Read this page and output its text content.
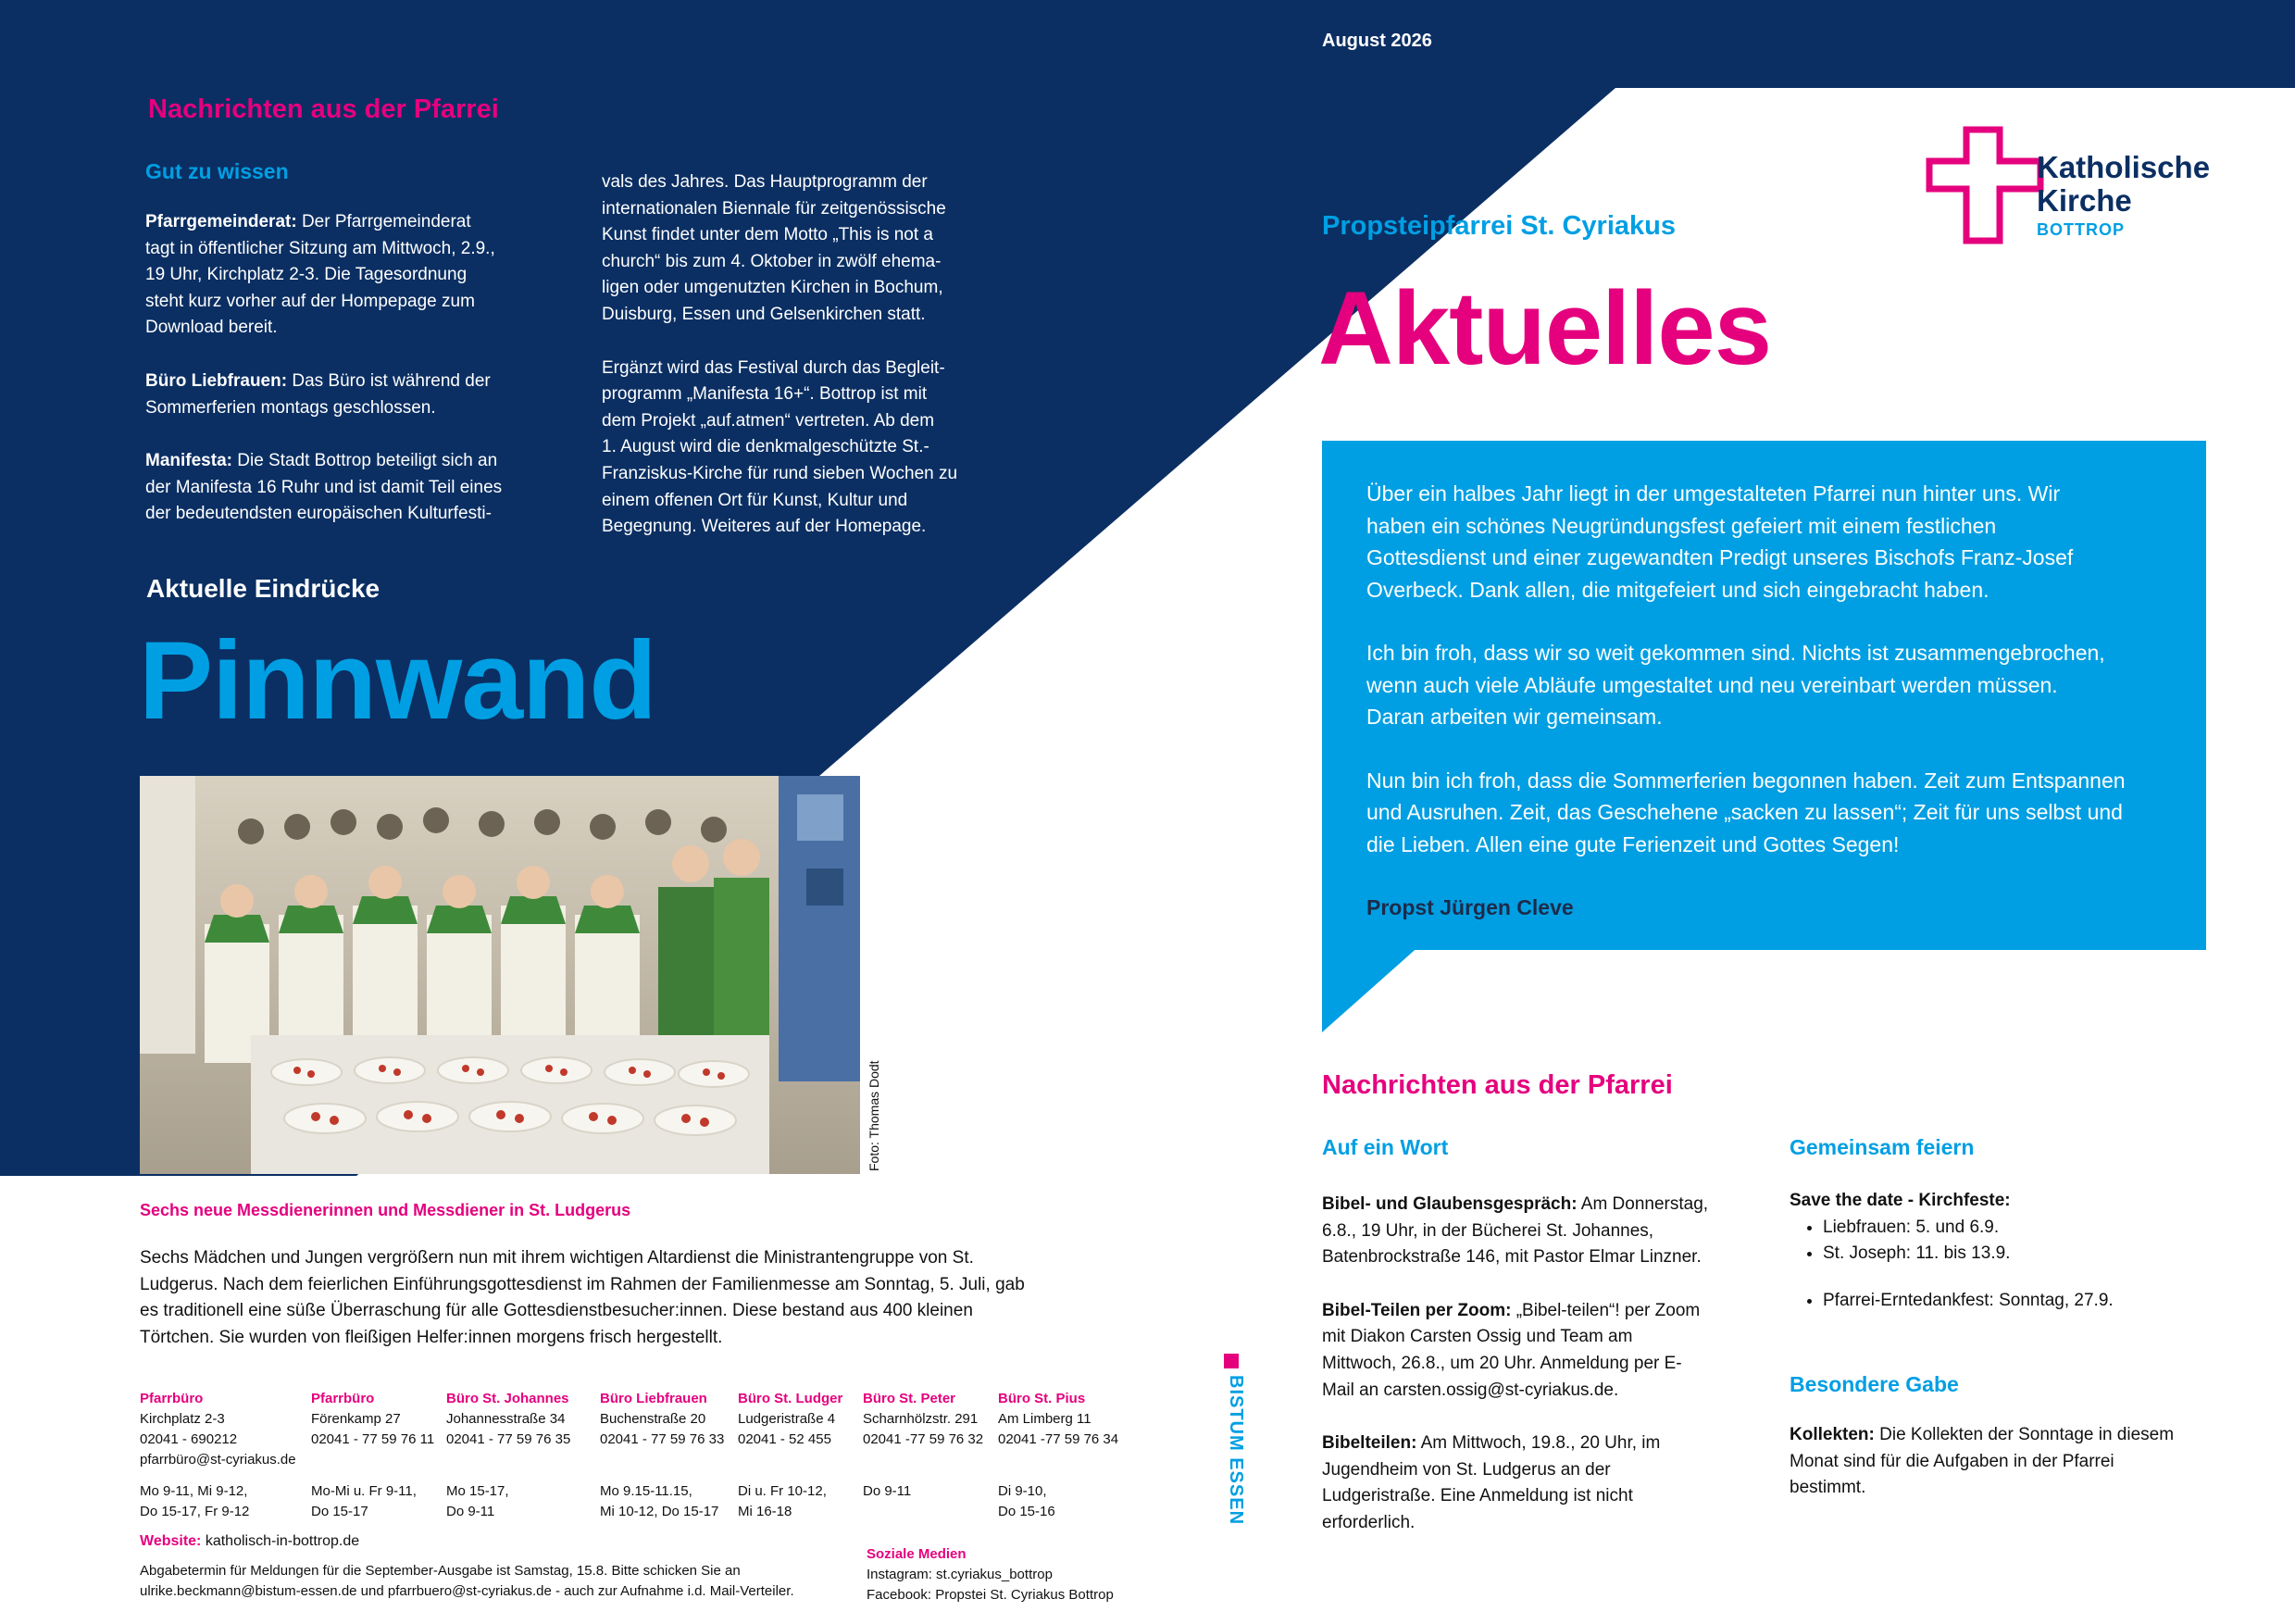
August 2026
Nachrichten aus der Pfarrei
Gut zu wissen

Pfarrgemeinderat: Der Pfarrgemeinderat
tagt in öffentlicher Sitzung am Mittwoch, 2.9.,
19 Uhr, Kirchplatz 2-3. Die Tagesordnung
steht kurz vorher auf der Hompepage zum
Download bereit.

Büro Liebfrauen: Das Büro ist während der
Sommerferien montags geschlossen.

Manifesta: Die Stadt Bottrop beteiligt sich an
der Manifesta 16 Ruhr und ist damit Teil eines
der bedeutendsten europäischen Kulturfesti-

vals des Jahres. Das Hauptprogramm der
internationalen Biennale für zeitgenössische
Kunst findet unter dem Motto „This is not a
church“ bis zum 4. Oktober in zwölf ehema-
ligen oder umgenutzten Kirchen in Bochum,
Duisburg, Essen und Gelsenkirchen statt.

Ergänzt wird das Festival durch das Begleit-
programm „Manifesta 16+“. Bottrop ist mit
dem Projekt „auf.atmen“ vertreten. Ab dem
1. August wird die denkmalgeschützte St.-
Franziskus-Kirche für rund sieben Wochen zu
einem offenen Ort für Kunst, Kultur und
Begegnung. Weiteres auf der Homepage.

Aktuelle Eindrücke
Pinnwand
Foto: Thomas Dodt
Sechs neue Messdienerinnen und Messdiener in St. Ludgerus
Sechs Mädchen und Jungen vergrößern nun mit ihrem wichtigen Altardienst die Ministrantengruppe von St.
Ludgerus. Nach dem feierlichen Einführungsgottesdienst im Rahmen der Familienmesse am Sonntag, 5. Juli, gab
es traditionell eine süße Überraschung für alle Gottesdienstbesucher:innen. Diese bestand aus 400 kleinen
Törtchen. Sie wurden von fleißigen Helfer:innen morgens frisch hergestellt.
Pfarrbüro
Kirchplatz 2-3
02041 - 690212
pfarrbüro@st-cyriakus.de
Mo 9-11, Mi 9-12,
Do 15-17, Fr 9-12
Pfarrbüro
Förenkamp 27
02041 - 77 59 76 11
Mo-Mi u. Fr 9-11,
Do 15-17
Büro St. Johannes
Johannesstraße 34
02041 - 77 59 76 35
Mo 15-17,
Do 9-11
Büro Liebfrauen
Buchenstraße 20
02041 - 77 59 76 33
Mo 9.15-11.15,
Mi 10-12, Do 15-17
Büro St. Ludger
Ludgeristraße 4
02041 - 52 455
Di u. Fr 10-12,
Mi 16-18
Büro St. Peter
Scharnhölzstr. 291
02041 -77 59 76 32
Do 9-11
Büro St. Pius
Am Limberg 11
02041 -77 59 76 34
Di 9-10,
Do 15-16
Website: katholisch-in-bottrop.de
Abgabetermin für Meldungen für die September-Ausgabe ist Samstag, 15.8. Bitte schicken Sie an
ulrike.beckmann@bistum-essen.de und pfarrbuero@st-cyriakus.de - auch zur Aufnahme i.d. Mail-Verteiler.
Soziale Medien
Instagram: st.cyriakus_bottrop
Facebook: Propstei St. Cyriakus Bottrop
BISTUM ESSEN
Katholische
Kirche
BOTTROP
Propsteipfarrei St. Cyriakus
Aktuelles

Über ein halbes Jahr liegt in der umgestalteten Pfarrei nun hinter uns. Wir
haben ein schönes Neugründungsfest gefeiert mit einem festlichen
Gottesdienst und einer zugewandten Predigt unseres Bischofs Franz-Josef
Overbeck. Dank allen, die mitgefeiert und sich eingebracht haben.

Ich bin froh, dass wir so weit gekommen sind. Nichts ist zusammengebrochen,
wenn auch viele Abläufe umgestaltet und neu vereinbart werden müssen.
Daran arbeiten wir gemeinsam.

Nun bin ich froh, dass die Sommerferien begonnen haben. Zeit zum Entspannen
und Ausruhen. Zeit, das Geschehene „sacken zu lassen“; Zeit für uns selbst und
die Lieben. Allen eine gute Ferienzeit und Gottes Segen!

Propst Jürgen Cleve

Nachrichten aus der Pfarrei
Auf ein Wort

Bibel- und Glaubensgespräch: Am Donnerstag,
6.8., 19 Uhr, in der Bücherei St. Johannes,
Batenbrockstraße 146, mit Pastor Elmar Linzner.

Bibel-Teilen per Zoom: „Bibel-teilen“! per Zoom
mit Diakon Carsten Ossig und Team am
Mittwoch, 26.8., um 20 Uhr. Anmeldung per E-
Mail an carsten.ossig@st-cyriakus.de.

Bibelteilen: Am Mittwoch, 19.8., 20 Uhr, im
Jugendheim von St. Ludgerus an der
Ludgeristraße. Eine Anmeldung ist nicht
erforderlich.

Gemeinsam feiern
Save the date - Kirchfeste:
• Liebfrauen: 5. und 6.9.
• St. Joseph: 11. bis 13.9.
• Pfarrei-Erntedankfest: Sonntag, 27.9.
Besondere Gabe

Kollekten: Die Kollekten der Sonntage in diesem
Monat sind für die Aufgaben in der Pfarrei
bestimmt.
